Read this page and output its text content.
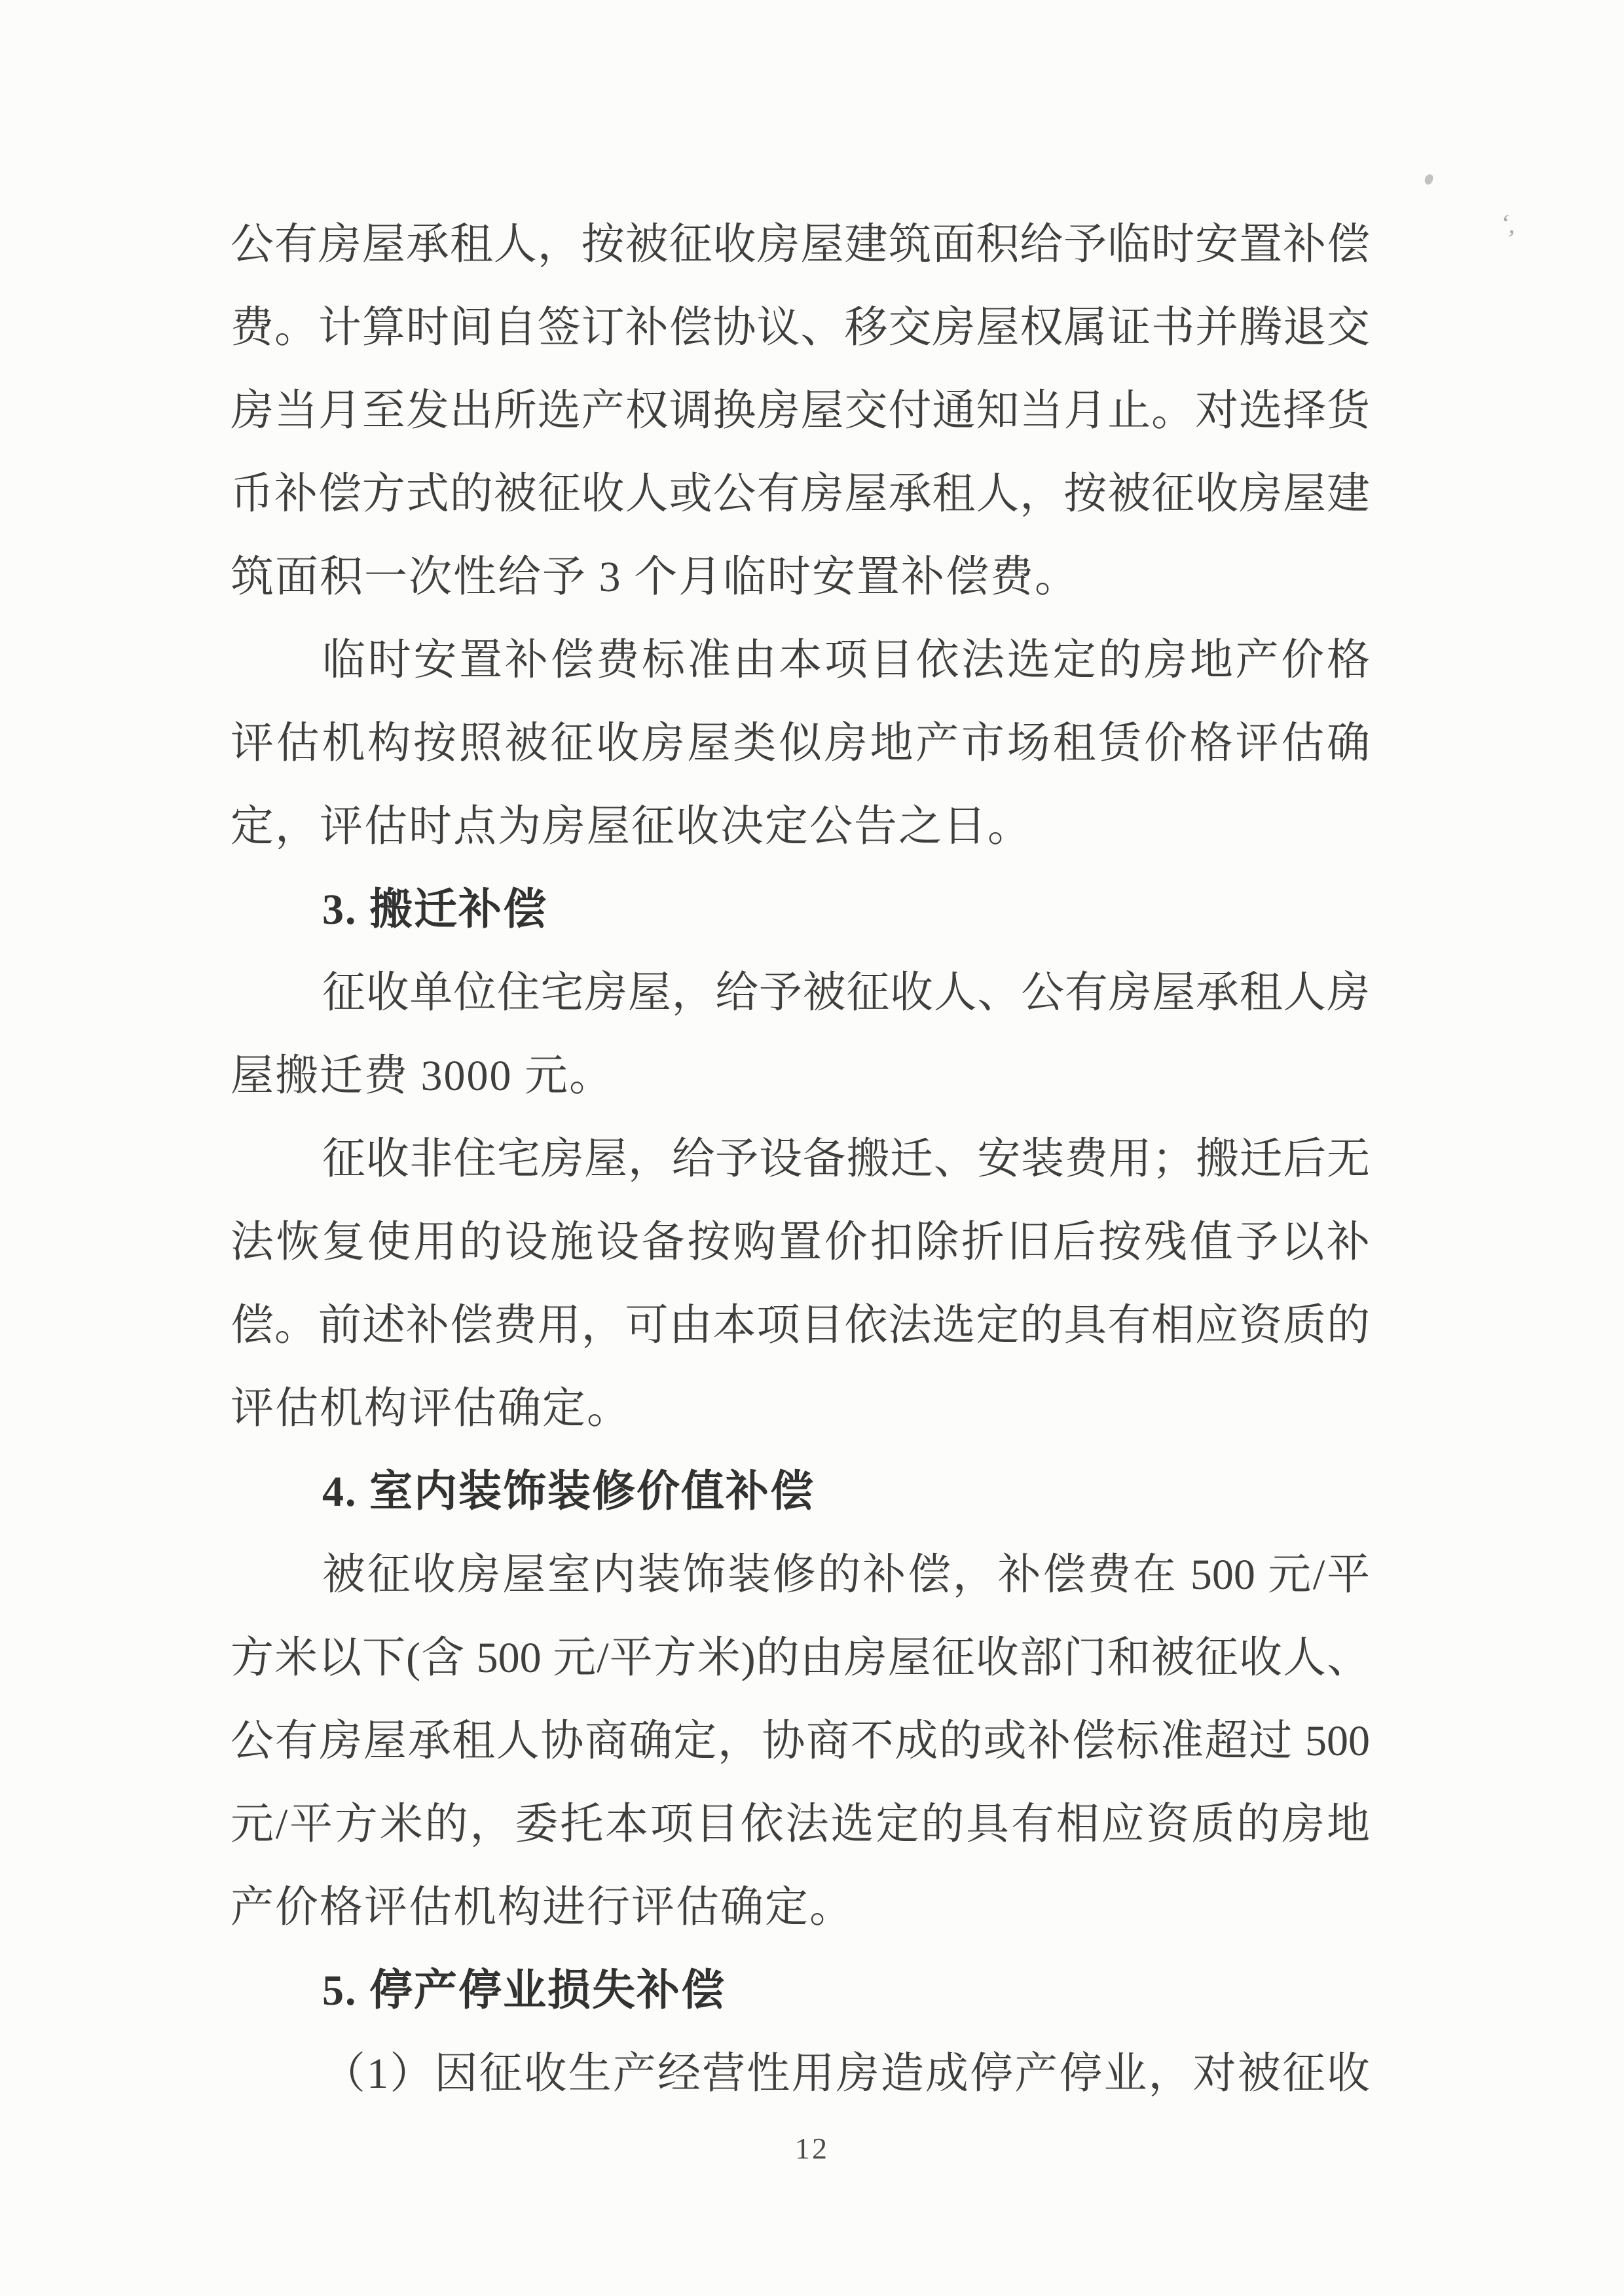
公有房屋承租人，按被征收房屋建筑面积给予临时安置补偿
费。计算时间自签订补偿协议、移交房屋权属证书并腾退交
房当月至发出所选产权调换房屋交付通知当月止。对选择货
币补偿方式的被征收人或公有房屋承租人，按被征收房屋建
筑面积一次性给予 3 个月临时安置补偿费。
临时安置补偿费标准由本项目依法选定的房地产价格
评估机构按照被征收房屋类似房地产市场租赁价格评估确
定，评估时点为房屋征收决定公告之日。
3. 搬迁补偿
征收单位住宅房屋，给予被征收人、公有房屋承租人房
屋搬迁费 3000 元。
征收非住宅房屋，给予设备搬迁、安装费用；搬迁后无
法恢复使用的设施设备按购置价扣除折旧后按残值予以补
偿。前述补偿费用，可由本项目依法选定的具有相应资质的
评估机构评估确定。
4. 室内装饰装修价值补偿
被征收房屋室内装饰装修的补偿，补偿费在 500 元/平
方米以下(含 500 元/平方米)的由房屋征收部门和被征收人、
公有房屋承租人协商确定，协商不成的或补偿标准超过 500
元/平方米的，委托本项目依法选定的具有相应资质的房地
产价格评估机构进行评估确定。
5. 停产停业损失补偿
（1）因征收生产经营性用房造成停产停业，对被征收
12
‘,
